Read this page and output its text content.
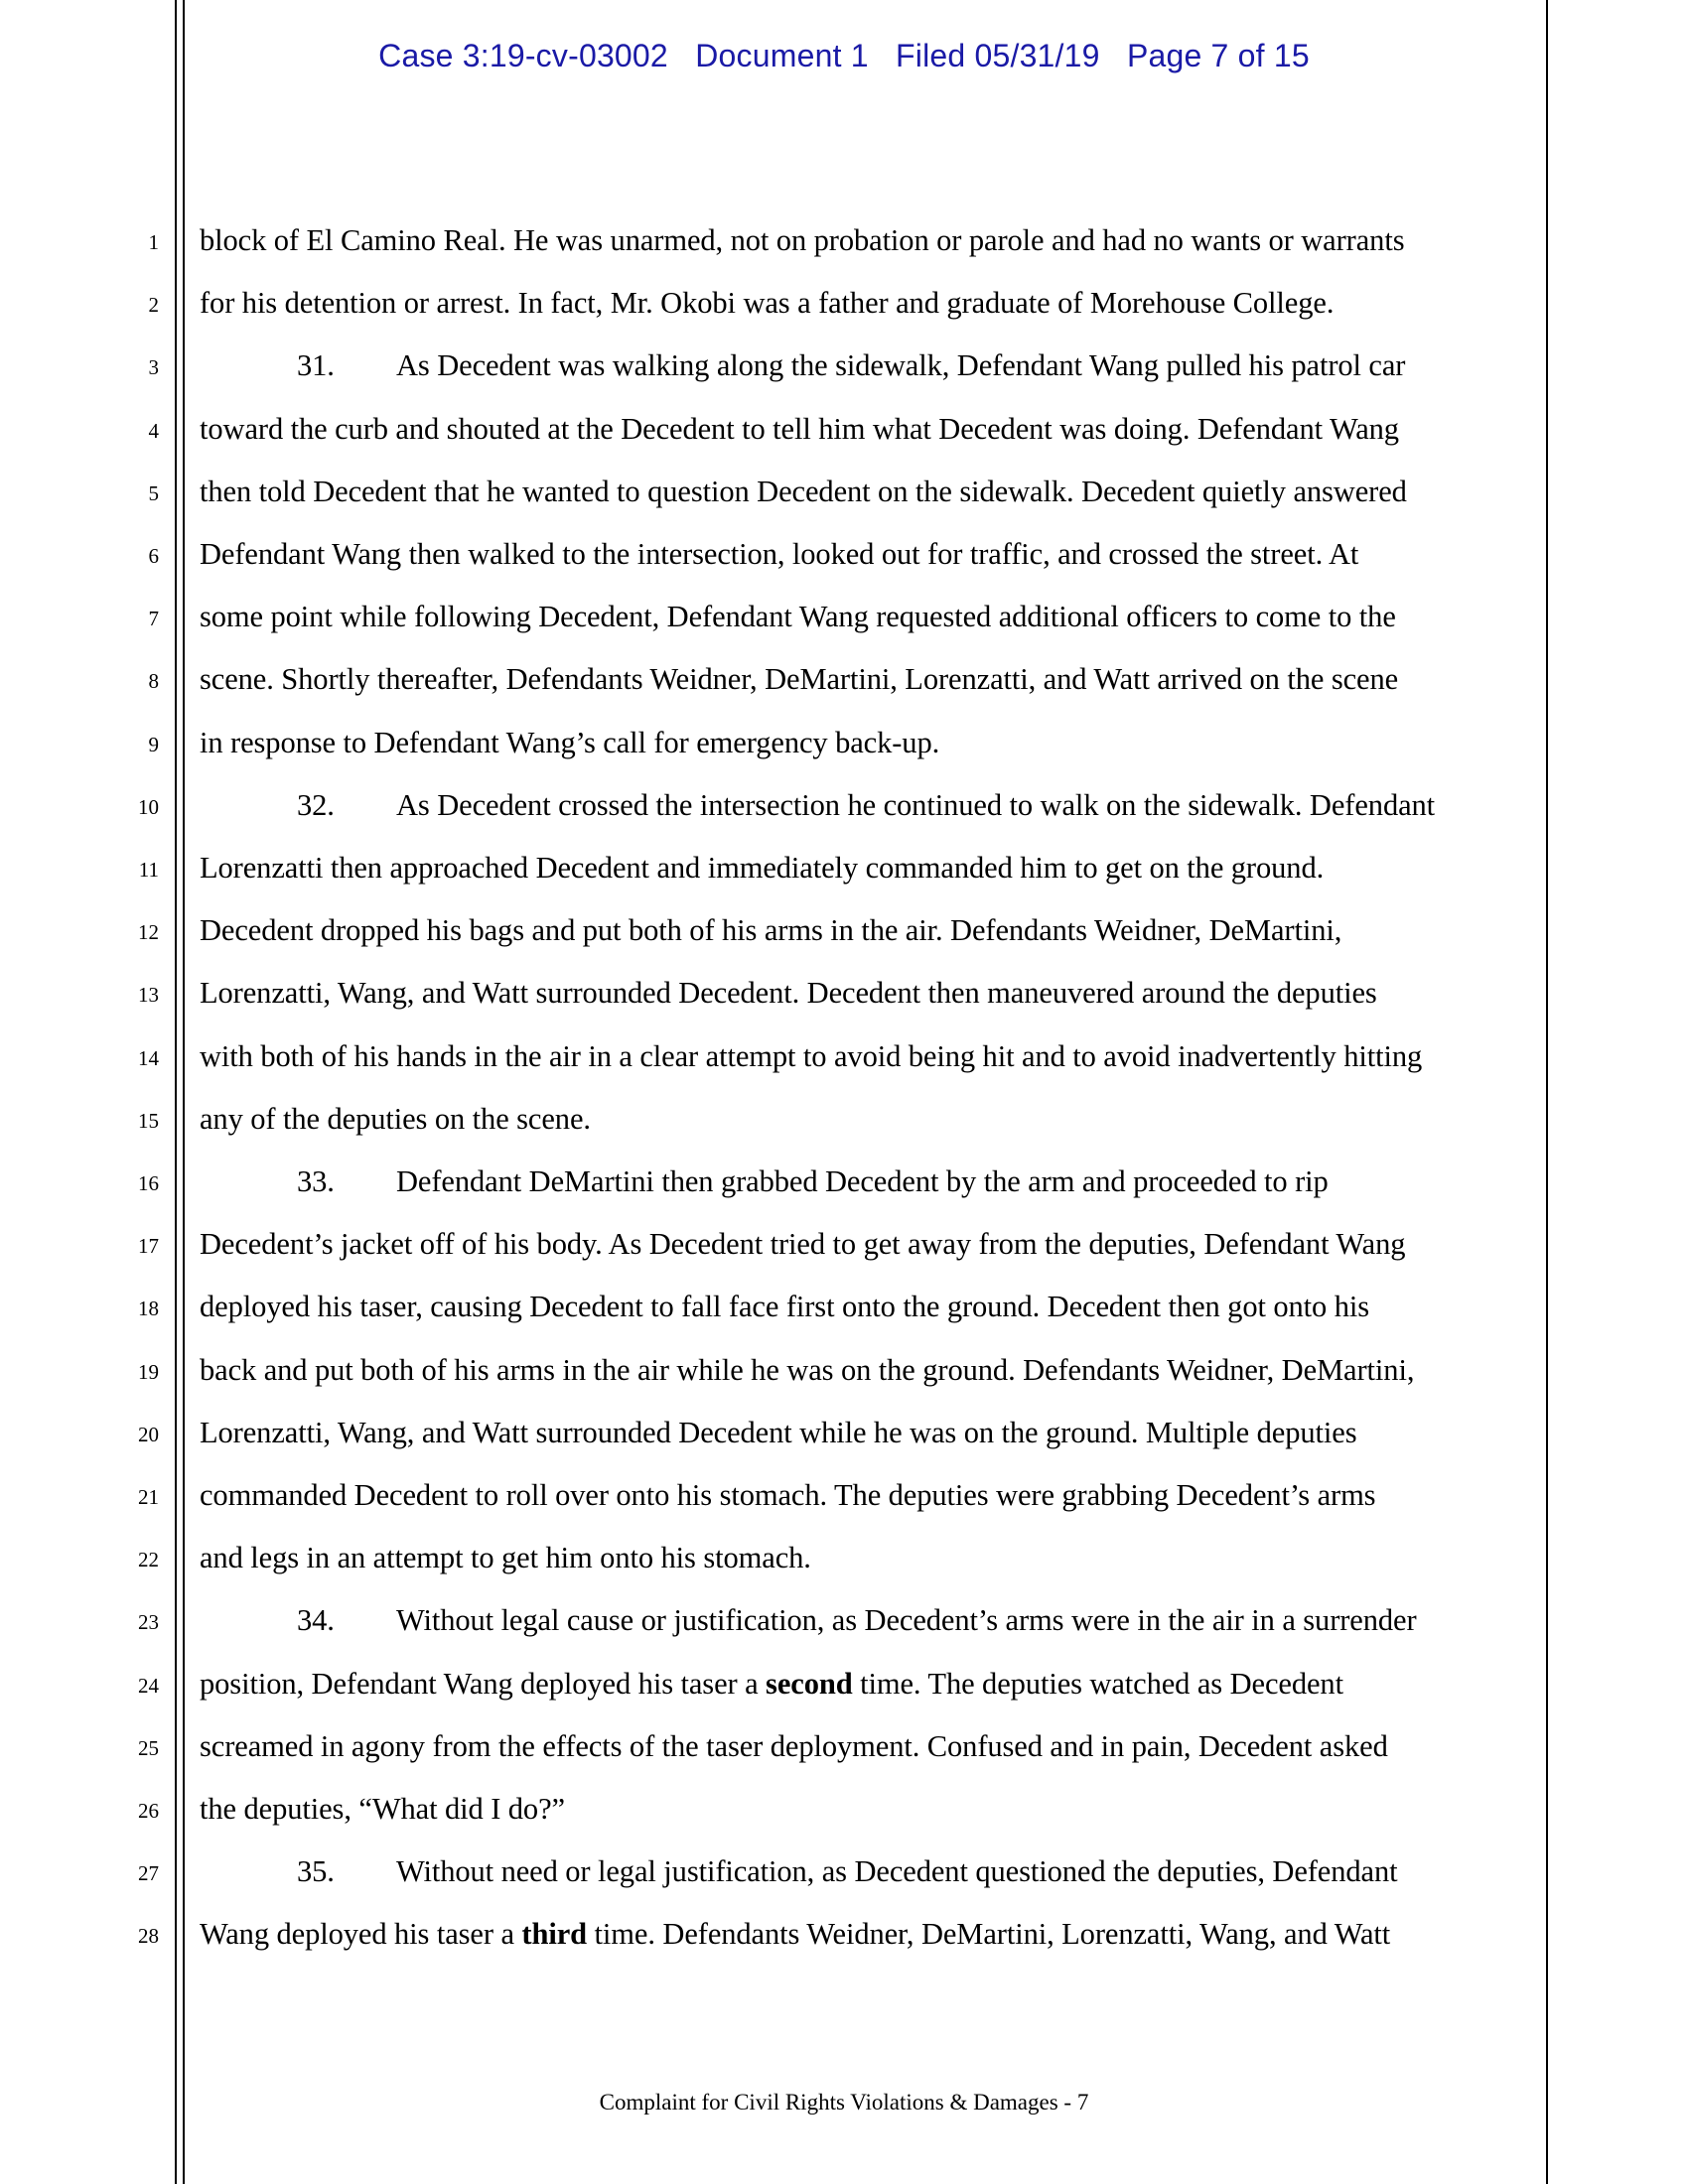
Case 3:19-cv-03002 Document 1 Filed 05/31/19 Page 7 of 15
1
2
3
4
5
6
7
8
9
10
11
12
13
14
15
16
17
18
19
20
21
22
23
24
25
26
27
28
block of El Camino Real. He was unarmed, not on probation or parole and had no wants or warrants
for his detention or arrest. In fact, Mr. Okobi was a father and graduate of Morehouse College.
31. As Decedent was walking along the sidewalk, Defendant Wang pulled his patrol car
toward the curb and shouted at the Decedent to tell him what Decedent was doing. Defendant Wang
then told Decedent that he wanted to question Decedent on the sidewalk. Decedent quietly answered
Defendant Wang then walked to the intersection, looked out for traffic, and crossed the street. At
some point while following Decedent, Defendant Wang requested additional officers to come to the
scene. Shortly thereafter, Defendants Weidner, DeMartini, Lorenzatti, and Watt arrived on the scene
in response to Defendant Wang’s call for emergency back-up.
32. As Decedent crossed the intersection he continued to walk on the sidewalk. Defendant
Lorenzatti then approached Decedent and immediately commanded him to get on the ground.
Decedent dropped his bags and put both of his arms in the air. Defendants Weidner, DeMartini,
Lorenzatti, Wang, and Watt surrounded Decedent. Decedent then maneuvered around the deputies
with both of his hands in the air in a clear attempt to avoid being hit and to avoid inadvertently hitting
any of the deputies on the scene.
33. Defendant DeMartini then grabbed Decedent by the arm and proceeded to rip
Decedent’s jacket off of his body. As Decedent tried to get away from the deputies, Defendant Wang
deployed his taser, causing Decedent to fall face first onto the ground. Decedent then got onto his
back and put both of his arms in the air while he was on the ground. Defendants Weidner, DeMartini,
Lorenzatti, Wang, and Watt surrounded Decedent while he was on the ground. Multiple deputies
commanded Decedent to roll over onto his stomach. The deputies were grabbing Decedent’s arms
and legs in an attempt to get him onto his stomach.
34. Without legal cause or justification, as Decedent’s arms were in the air in a surrender
position, Defendant Wang deployed his taser a second time. The deputies watched as Decedent
screamed in agony from the effects of the taser deployment. Confused and in pain, Decedent asked
the deputies, “What did I do?”
35. Without need or legal justification, as Decedent questioned the deputies, Defendant
Wang deployed his taser a third time. Defendants Weidner, DeMartini, Lorenzatti, Wang, and Watt
Complaint for Civil Rights Violations & Damages - 7
